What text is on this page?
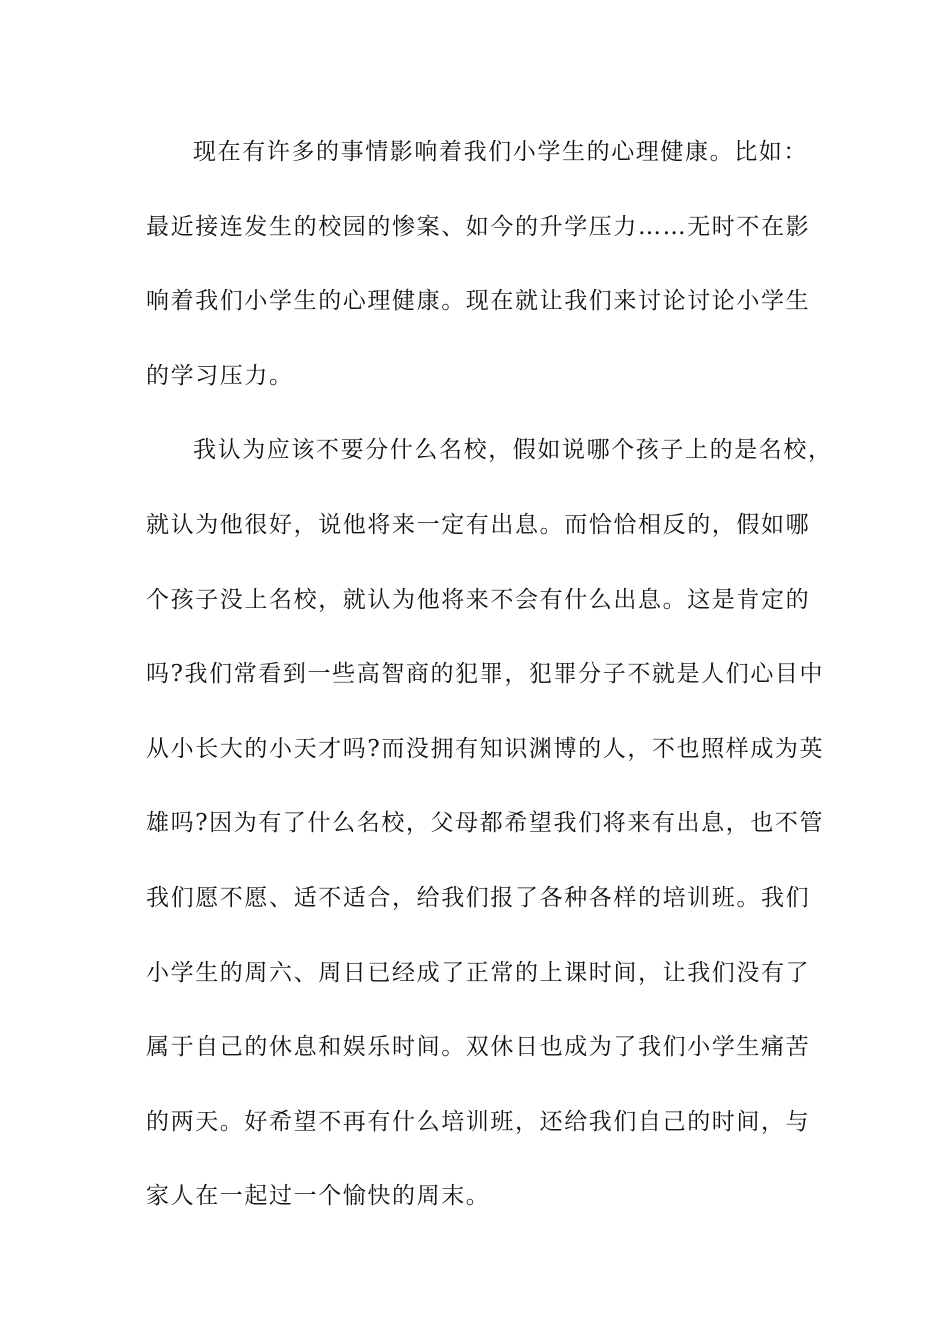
现在有许多的事情影响着我们小学生的心理健康。比如：
最近接连发生的校园的惨案、如今的升学压力……无时不在影
响着我们小学生的心理健康。现在就让我们来讨论讨论小学生
的学习压力。
我认为应该不要分什么名校，假如说哪个孩子上的是名校，
就认为他很好，说他将来一定有出息。而恰恰相反的，假如哪
个孩子没上名校，就认为他将来不会有什么出息。这是肯定的
吗?我们常看到一些高智商的犯罪，犯罪分子不就是人们心目中
从小长大的小天才吗?而没拥有知识渊博的人，不也照样成为英
雄吗?因为有了什么名校，父母都希望我们将来有出息，也不管
我们愿不愿、适不适合，给我们报了各种各样的培训班。我们
小学生的周六、周日已经成了正常的上课时间，让我们没有了
属于自己的休息和娱乐时间。双休日也成为了我们小学生痛苦
的两天。好希望不再有什么培训班，还给我们自己的时间，与
家人在一起过一个愉快的周末。
